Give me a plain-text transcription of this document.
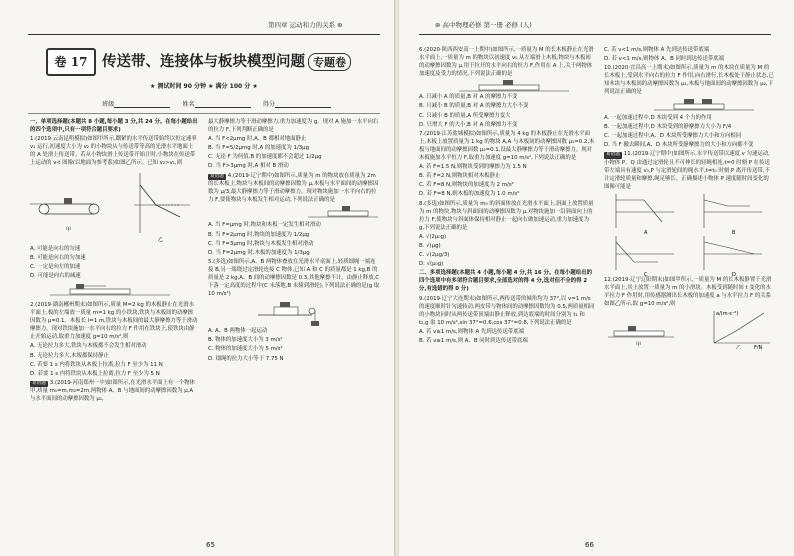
第四章 运动和力的关系 ⊛
卷 17	传送带、连接体与板块模型问题 专题卷
★ 测试时间 90 分钟 ★ 满分 100 分 ★
班级	姓名	得分

一、单项选择题(本题共 8 小题,每小题 3 分,共 24 分。在每小题给出的四个选项中,只有一项符合题目要求)

1.(2019·云南昆明模拟)如图甲所示,绷紧的水平传送带始终以恒定速率 v₁ 运行,初速度大小为 v₂ 的小物块从与传送带等高的光滑水平地面上的 A 处滑上传送带。若从小物块滑上传送带开始计时,小物块在传送带上运动的 v-t 图像(以地面为参考系)如图乙所示。已知 v₂>v₁,则

甲
乙

A. 可能是向右的匀速

B. 可能是向右的匀加速

C. 一定是向左的加速

D. 可能是向右的减速

2.(2019·湖南郴州期末)如图所示,质量 M=2 kg 的木板静止在光滑水平面上,板的左端放一质量 m=1 kg 的小铁块,铁块与木板间的动摩擦因数为 μ=0.1。木板长 l=1 m,铁块与木板间的最大静摩擦力等于滑动摩擦力。现对铁块施加一水平向右的拉力 F 作用在铁块上,使铁块由静止开始运动,取重力加速度 g=10 m/s²,则

A. 无论拉力多大,铁块与木板都不会发生相对滑动

B. 无论拉力多大,木板都保持静止

C. 若要 1 s 内将铁块从木板上拉离,拉力 F 至少为 11 N

D. 若要 1 s 内将铁块从木板上拉离,拉力 F 至少为 5 N

易错题 3.(2019·河南郑州一中)如图所示,在光滑水平面上有一个物体甲,质量 m₁=m,m₂=2m,两物体 A、B 与地面间的动摩擦因数为 μ,A 与水平面间的动摩擦因数为 μ₁,

最大静摩擦力等于滑动摩擦力,重力加速度为 g。现对 A 施加一水平向右的拉力 F,下列判断正确的是

A. 当 F<2μmg 时,A、B 都相对地面静止

B. 当 F=5/2μmg 时,A 的加速度为 1/3μg

C. 无论 F 为何值,B 的加速度都不会超过 1/2μg

D. 当 F>3μmg 时,A 相对 B 滑动

易错题 4.(2019·辽宁期中)如图所示,质量为 m 的物块放在质量为 2m 的长木板上,物块与木板间的动摩擦因数为 μ,木板与水平面间的动摩擦因数为 μ/3,最大静摩擦力等于滑动摩擦力。现对物块施加一水平向右的拉力 F,要使物块与木板发生相对运动,下列说法正确的是

A. 当 F=μmg 时,物块和木板一定发生相对滑动

B. 当 F=2μmg 时,物块的加速度为 1/2μg

C. 当 F=3μmg 时,物块与木板发生相对滑动

D. 当 F=2μmg 时,木板的加速度为 1/3μg

5.(多选)如图所示,A、B 两物体叠放在光滑水平桌面上,轻质细绳一端连接 B,另一端绕过定滑轮连接 C 物体,已知 A 和 C 的质量都是 1 kg,B 的质量是 2 kg,A、B 间的动摩擦因数是 0.3,其他摩擦不计。由静止释放,C 下落一定高度的过程中(C 未落地,B 未撞到滑轮),下列说法正确的是(g 取 10 m/s²)

A. A、B 两物体一起运动

B. 物体的加速度大小为 3 m/s²

C. 物体的加速度大小为 5 m/s²

D. 细绳的拉力大小等于 7.75 N

65
⊛ 高中物理必修 第一册 必修 (人)

6.(2020·陕西西安高一上期中)如图所示,一质量为 M 的长木板静止在光滑水平面上,一质量为 m 的物块以初速度 v₀ 从左端滑上木板,物块与木板间的动摩擦因数为 μ,用于拉开的水平向右的恒力 F,作用在 A 上,关于两物体加速度及受力的情况,下列说法正确的是

A. 只减小 A 的质量,B 对 A 的摩擦力不变

B. 只减小 B 的质量,B 对 A 的摩擦力大小不变

C. 只减小 B 的质量,A 所受摩擦力变大

D. 只增大 F 的大小,B 对 A 的摩擦力不变

7.(2019·江苏盐城模拟)如图所示,质量为 4 kg 的木板静止在光滑水平面上,木板上放置质量为 1 kg 的物块 A,A 与木板间的动摩擦因数 μ₁=0.2,木板与地面间的动摩擦因数 μ₂=0.1,设最大静摩擦力等于滑动摩擦力。现对木板施加水平恒力 F,取重力加速度 g=10 m/s²,下列说法正确的是

A. 若 F=1.5 N,则物块受到的摩擦力为 1.5 N

B. 若 F=2 N,则物块相对木板静止

C. 若 F=8 N,则物块的加速度为 2 m/s²

D. 若 F=8 N,则木板的加速度为 1.0 m/s²

8.(多选)如图所示,质量为 m₀ 的斜面体放在光滑水平面上,斜面上放置质量为 m 的物块,物块与斜面间的动摩擦因数为 μ,对物块施加一沿斜面向上的拉力 F,使物块与斜面体保持相对静止一起向右做加速运动,重力加速度为 g,下列说法正确的是

A. √(2μ₀g)

B. √(μg)

C. √(2μg/3)

D. √(μ₀g)

二、多项选择题(本题共 4 小题,每小题 4 分,共 16 分。在每小题给出的四个选项中有多项符合题目要求,全部选对的得 4 分,选对但不全的得 2 分,有选错的得 0 分)

9.(2019·辽宁大连期末)如图所示,两传送带的倾角均为 37°,以 v=1 m/s 的速度顺时针匀速转动,两皮带与物体间的动摩擦因数均为 0.5,两质量相同的小物块同时从两传送带顶端由静止释放,到达底端的时间分别为 t₁ 和 t₂,g 取 10 m/s²,sin 37°=0.6,cos 37°=0.8,下列说法正确的是

A. 若 v≥1 m/s,则物体 A 先到达传送带底端

B. 若 v≥1 m/s,则 A、B 同时到达传送带底端

C. 若 v<1 m/s,则物体 A 先到达传送带底端

D. 若 v<1 m/s,则物体 A、B 同时到达传送带底端

10.(2020·宜昌高一上期末)如图所示,质量为 m 的木块在质量为 M 的长木板上,受到水平向右的拉力 F 作用,向右滑行,长木板处于静止状态,已知木块与木板间的动摩擦因数为 μ₁,木板与地面间的动摩擦因数为 μ₂,下列说法正确的是

A. 一起加速过程中,D 木块受到 4 个力的作用

B. 一起加速过程中,D 木块受到的静摩擦力大小为 F/4

C. 一起加速过程中,A、D 木块所受摩擦力大小和方向相同

D. 当 F 撤去瞬间,A、D 木块所受静摩擦力的大小和方向都不变

易错题 11.(2019·辽宁期中)如图所示,水平传送带以速度 v 匀速运动,小物体 P、Q 由通过定滑轮且不可伸长的轻绳相连,t=0 时刻 P 在传送带左端具有速度 v₀,P 与定滑轮间的绳水平,t=t₀ 时刻 P 离开传送带,不计定滑轮质量和摩擦,绳足够长。正确描述小物体 P 速度随时间变化的图像可能是

A	B
C	D

12.(2019·辽宁辽阳期末)如图甲所示,一质量为 M 的长木板静置于光滑水平面上,其上放置一质量为 m 的小滑块。木板受到随时间 t 变化的水平拉力 F 作用时,用传感器测出长木板的加速度 a 与水平拉力 F 的关系如图乙所示,取 g=10 m/s²,则

甲	乙	F/N
a/(m·s⁻²)
66
